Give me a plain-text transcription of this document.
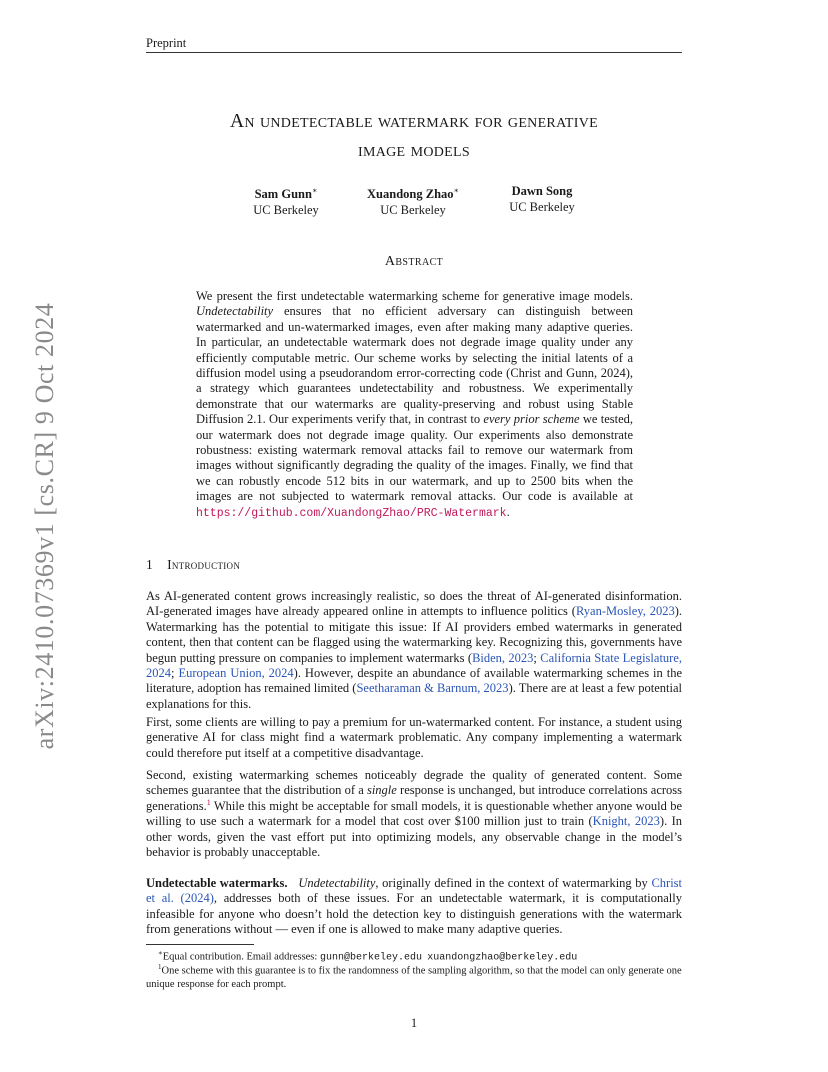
Preprint
arXiv:2410.07369v1 [cs.CR] 9 Oct 2024
An undetectable watermark for generative
image models
Sam Gunn∗
UC Berkeley
Xuandong Zhao∗
UC Berkeley
Dawn Song
UC Berkeley
Abstract

We present the first undetectable watermarking scheme for generative image models. Undetectability ensures that no efficient adversary can distinguish between watermarked and un-watermarked images, even after making many adaptive queries. In particular, an undetectable watermark does not degrade image quality under any efficiently computable metric. Our scheme works by selecting the initial latents of a diffusion model using a pseudorandom error-correcting code (Christ and Gunn, 2024), a strategy which guarantees undetectability and robustness. We experimentally demonstrate that our watermarks are quality-preserving and robust using Stable Diffusion 2.1. Our experiments verify that, in contrast to every prior scheme we tested, our watermark does not degrade image quality. Our experiments also demonstrate robustness: existing watermark removal attacks fail to remove our watermark from images without significantly degrading the quality of the images. Finally, we find that we can robustly encode 512 bits in our watermark, and up to 2500 bits when the images are not subjected to watermark removal attacks. Our code is available at https://github.com/XuandongZhao/PRC-Watermark.

1 Introduction

As AI-generated content grows increasingly realistic, so does the threat of AI-generated disinformation. AI-generated images have already appeared online in attempts to influence politics (Ryan-Mosley, 2023). Watermarking has the potential to mitigate this issue: If AI providers embed watermarks in generated content, then that content can be flagged using the watermarking key. Recognizing this, governments have begun putting pressure on companies to implement watermarks (Biden, 2023; California State Legislature, 2024; European Union, 2024). However, despite an abundance of available watermarking schemes in the literature, adoption has remained limited (Seetharaman & Barnum, 2023). There are at least a few potential explanations for this.

First, some clients are willing to pay a premium for un-watermarked content. For instance, a student using generative AI for class might find a watermark problematic. Any company implementing a watermark could therefore put itself at a competitive disadvantage.

Second, existing watermarking schemes noticeably degrade the quality of generated content. Some schemes guarantee that the distribution of a single response is unchanged, but introduce correlations across generations.$^1$ While this might be acceptable for small models, it is questionable whether anyone would be willing to use such a watermark for a model that cost over $100 million just to train (Knight, 2023). In other words, given the vast effort put into optimizing models, any observable change in the model’s behavior is probably unacceptable.

Undetectable watermarks. Undetectability, originally defined in the context of watermarking by Christ et al. (2024), addresses both of these issues. For an undetectable watermark, it is computationally infeasible for anyone who doesn’t hold the detection key to distinguish generations with the watermark from generations without — even if one is allowed to make many adaptive queries.

∗Equal contribution. Email addresses: gunn@berkeley.edu xuandongzhao@berkeley.edu

$^1$One scheme with this guarantee is to fix the randomness of the sampling algorithm, so that the model can only generate one unique response for each prompt.

1
